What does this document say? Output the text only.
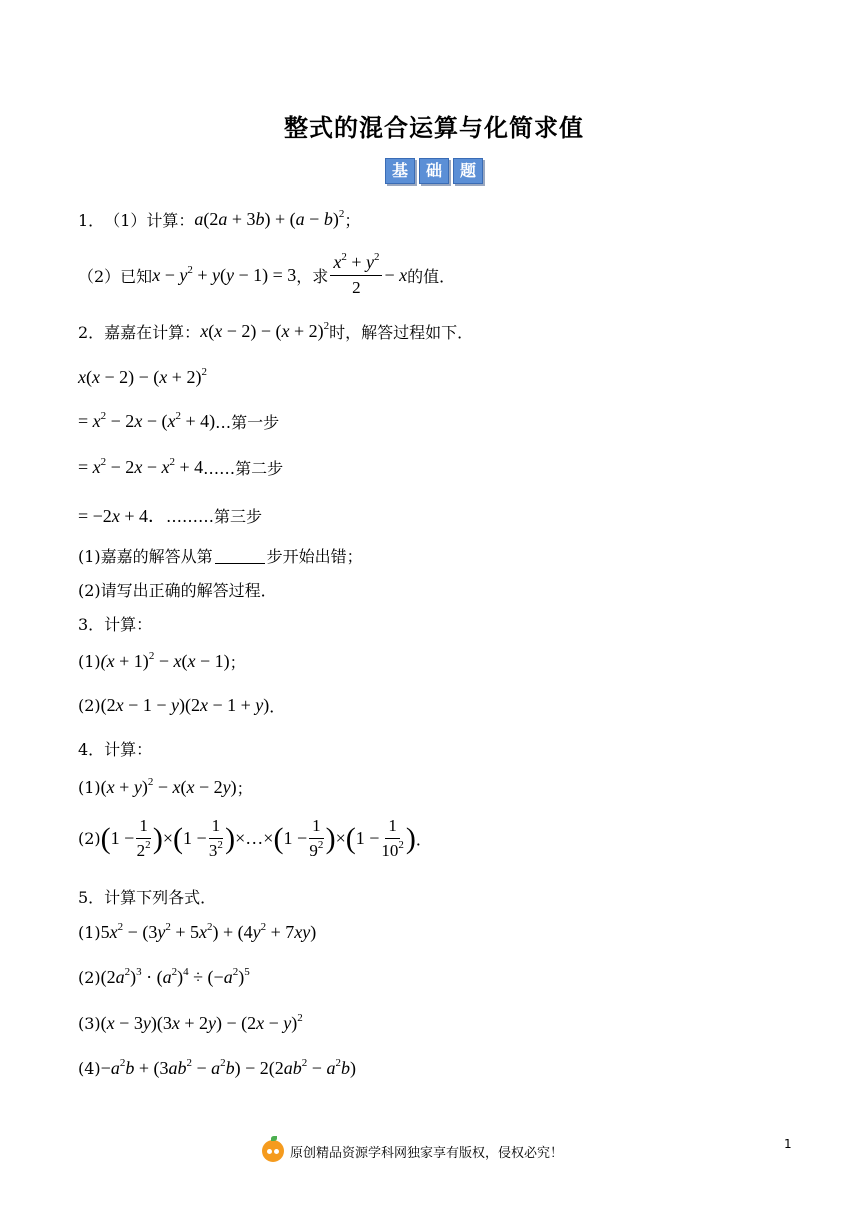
整式的混合运算与化简求值
基	础	题
1． （1）计算： $a(2a + 3b) + (a - b)^2$ ；
（2）已知 $x - y^2 + y(y - 1) = 3$ ，求 $\frac{x^2 + y^2}{2} - x$ 的值．
2．嘉嘉在计算： $x(x - 2) - (x + 2)^2$ 时，解答过程如下．
$x(x - 2) - (x + 2)^2$
= $x^2 - 2x - (x^2 + 4)$ …第一步
= $x^2 - 2x - x^2 + 4$ ……第二步
= −2x + 4． ………第三步
(1)嘉嘉的解答从第	步开始出错；
(2)请写出正确的解答过程．
3．计算：
(1) $(x + 1)^2 - x(x - 1)$ ；
(2) (2x − 1 − y)(2x − 1 + y) ．
4．计算：
(1) $(x + y)^2 - x(x - 2y)$ ；
(2) ( $1 - \frac{1}{2^2}$ ) × ( $1 - \frac{1}{3^2}$ ) ×…× ( $1 - \frac{1}{9^2}$ ) × ( $1 - \frac{1}{10^2}$ ) ．
5．计算下列各式．
(1) $5x^2 - (3y^2 + 5x^2) + (4y^2 + 7xy)$
(2) $(2a^2)^3 \cdot (a^2)^4 \div (-a^2)^5$
(3) $(x - 3y)(3x + 2y) - (2x - y)^2$
$(4) -a^2b + (3ab^2 - a^2b) - 2(2ab^2 - a^2b)$
原创精品资源学科网独家享有版权，侵权必究！
1
